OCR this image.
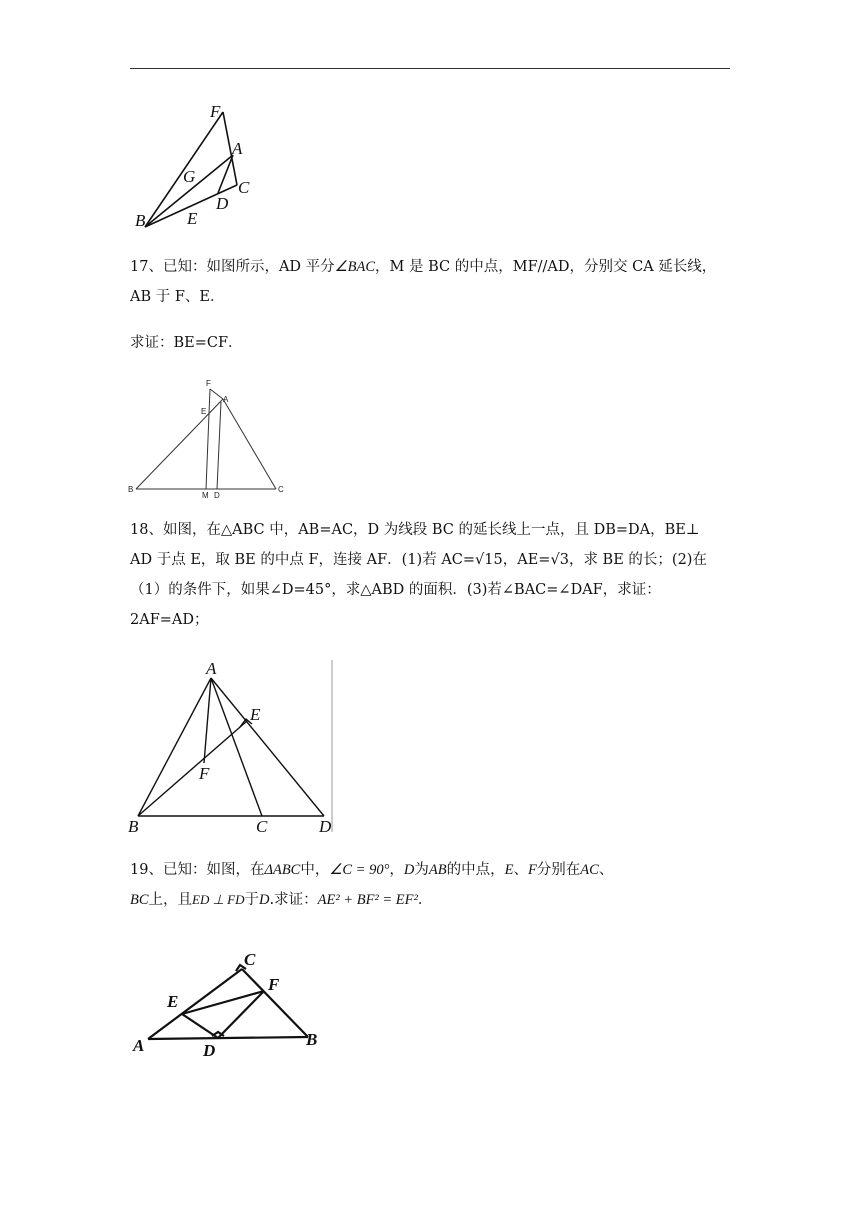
F
A
G
C
D
B E
17、已知：如图所示，AD 平分∠BAC，M 是 BC 的中点，MF//AD，分别交 CA 延长线，
AB 于 F、E．
求证：BE=CF．
F
E
A
B
M D
C
18、如图，在△ABC 中，AB=AC，D 为线段 BC 的延长线上一点，且 DB=DA，BE⊥
AD 于点 E，取 BE 的中点 F，连接 AF．(1)若 AC=√15，AE=√3，求 BE 的长；(2)在
（1）的条件下，如果∠D=45°，求△ABD 的面积．(3)若∠BAC=∠DAF，求证：
2AF=AD；
A
E
F
B	C	D
19、已知：如图，在ΔABC中，∠C = 90°，D为AB的中点，E、F分别在AC、
BC上，且ED ⊥ FD于D.求证：AE² + BF² = EF²．
C
E
F
A	D
B
